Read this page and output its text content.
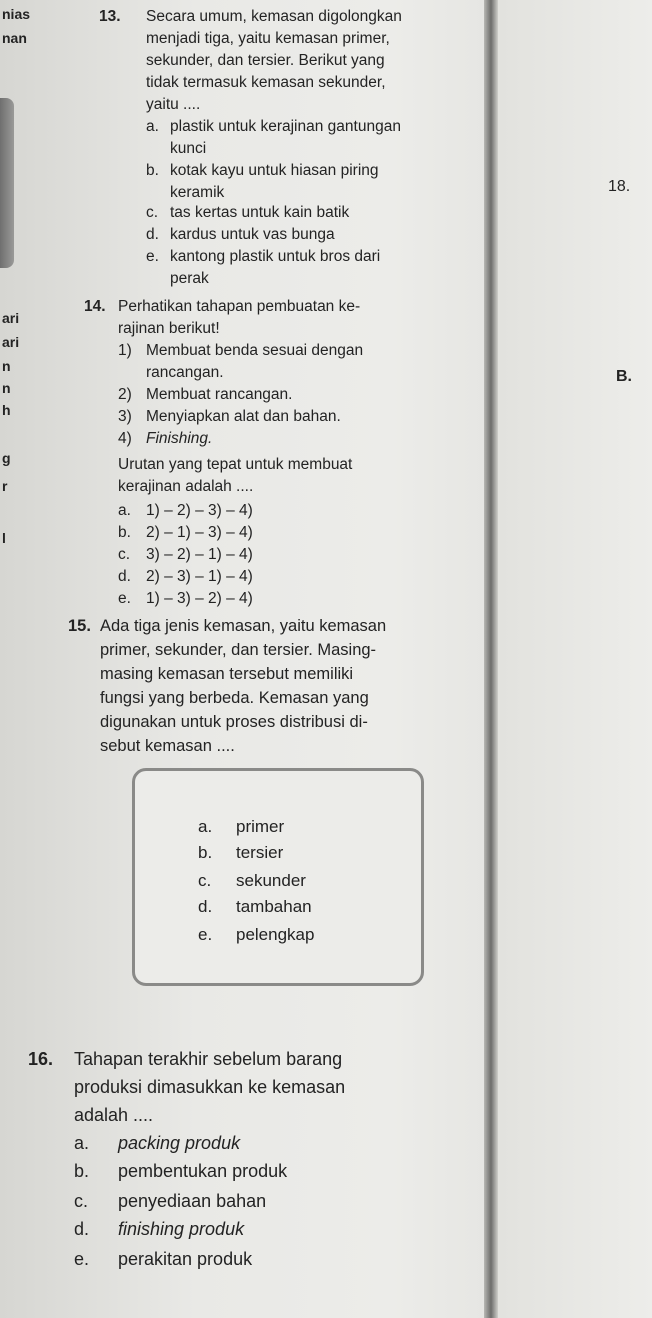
nias
nan
ari
ari
n
n
h
g
r
l
18.
B.
13. Secara umum, kemasan digolongkan
menjadi tiga, yaitu kemasan primer,
sekunder, dan tersier. Berikut yang
tidak termasuk kemasan sekunder,
yaitu ....
a. plastik untuk kerajinan gantungan
kunci
b. kotak kayu untuk hiasan piring
keramik
c. tas kertas untuk kain batik
d. kardus untuk vas bunga
e. kantong plastik untuk bros dari
perak
14. Perhatikan tahapan pembuatan ke-
rajinan berikut!
1) Membuat benda sesuai dengan
rancangan.
2) Membuat rancangan.
3) Menyiapkan alat dan bahan.
4) Finishing.
Urutan yang tepat untuk membuat
kerajinan adalah ....
a. 1) – 2) – 3) – 4)
b. 2) – 1) – 3) – 4)
c. 3) – 2) – 1) – 4)
d. 2) – 3) – 1) – 4)
e. 1) – 3) – 2) – 4)
15. Ada tiga jenis kemasan, yaitu kemasan
primer, sekunder, dan tersier. Masing-
masing kemasan tersebut memiliki
fungsi yang berbeda. Kemasan yang
digunakan untuk proses distribusi di-
sebut kemasan ....
a. primer
b. tersier
c. sekunder
d. tambahan
e. pelengkap
16. Tahapan terakhir sebelum barang
produksi dimasukkan ke kemasan
adalah ....
a. packing produk
b. pembentukan produk
c. penyediaan bahan
d. finishing produk
e. perakitan produk
